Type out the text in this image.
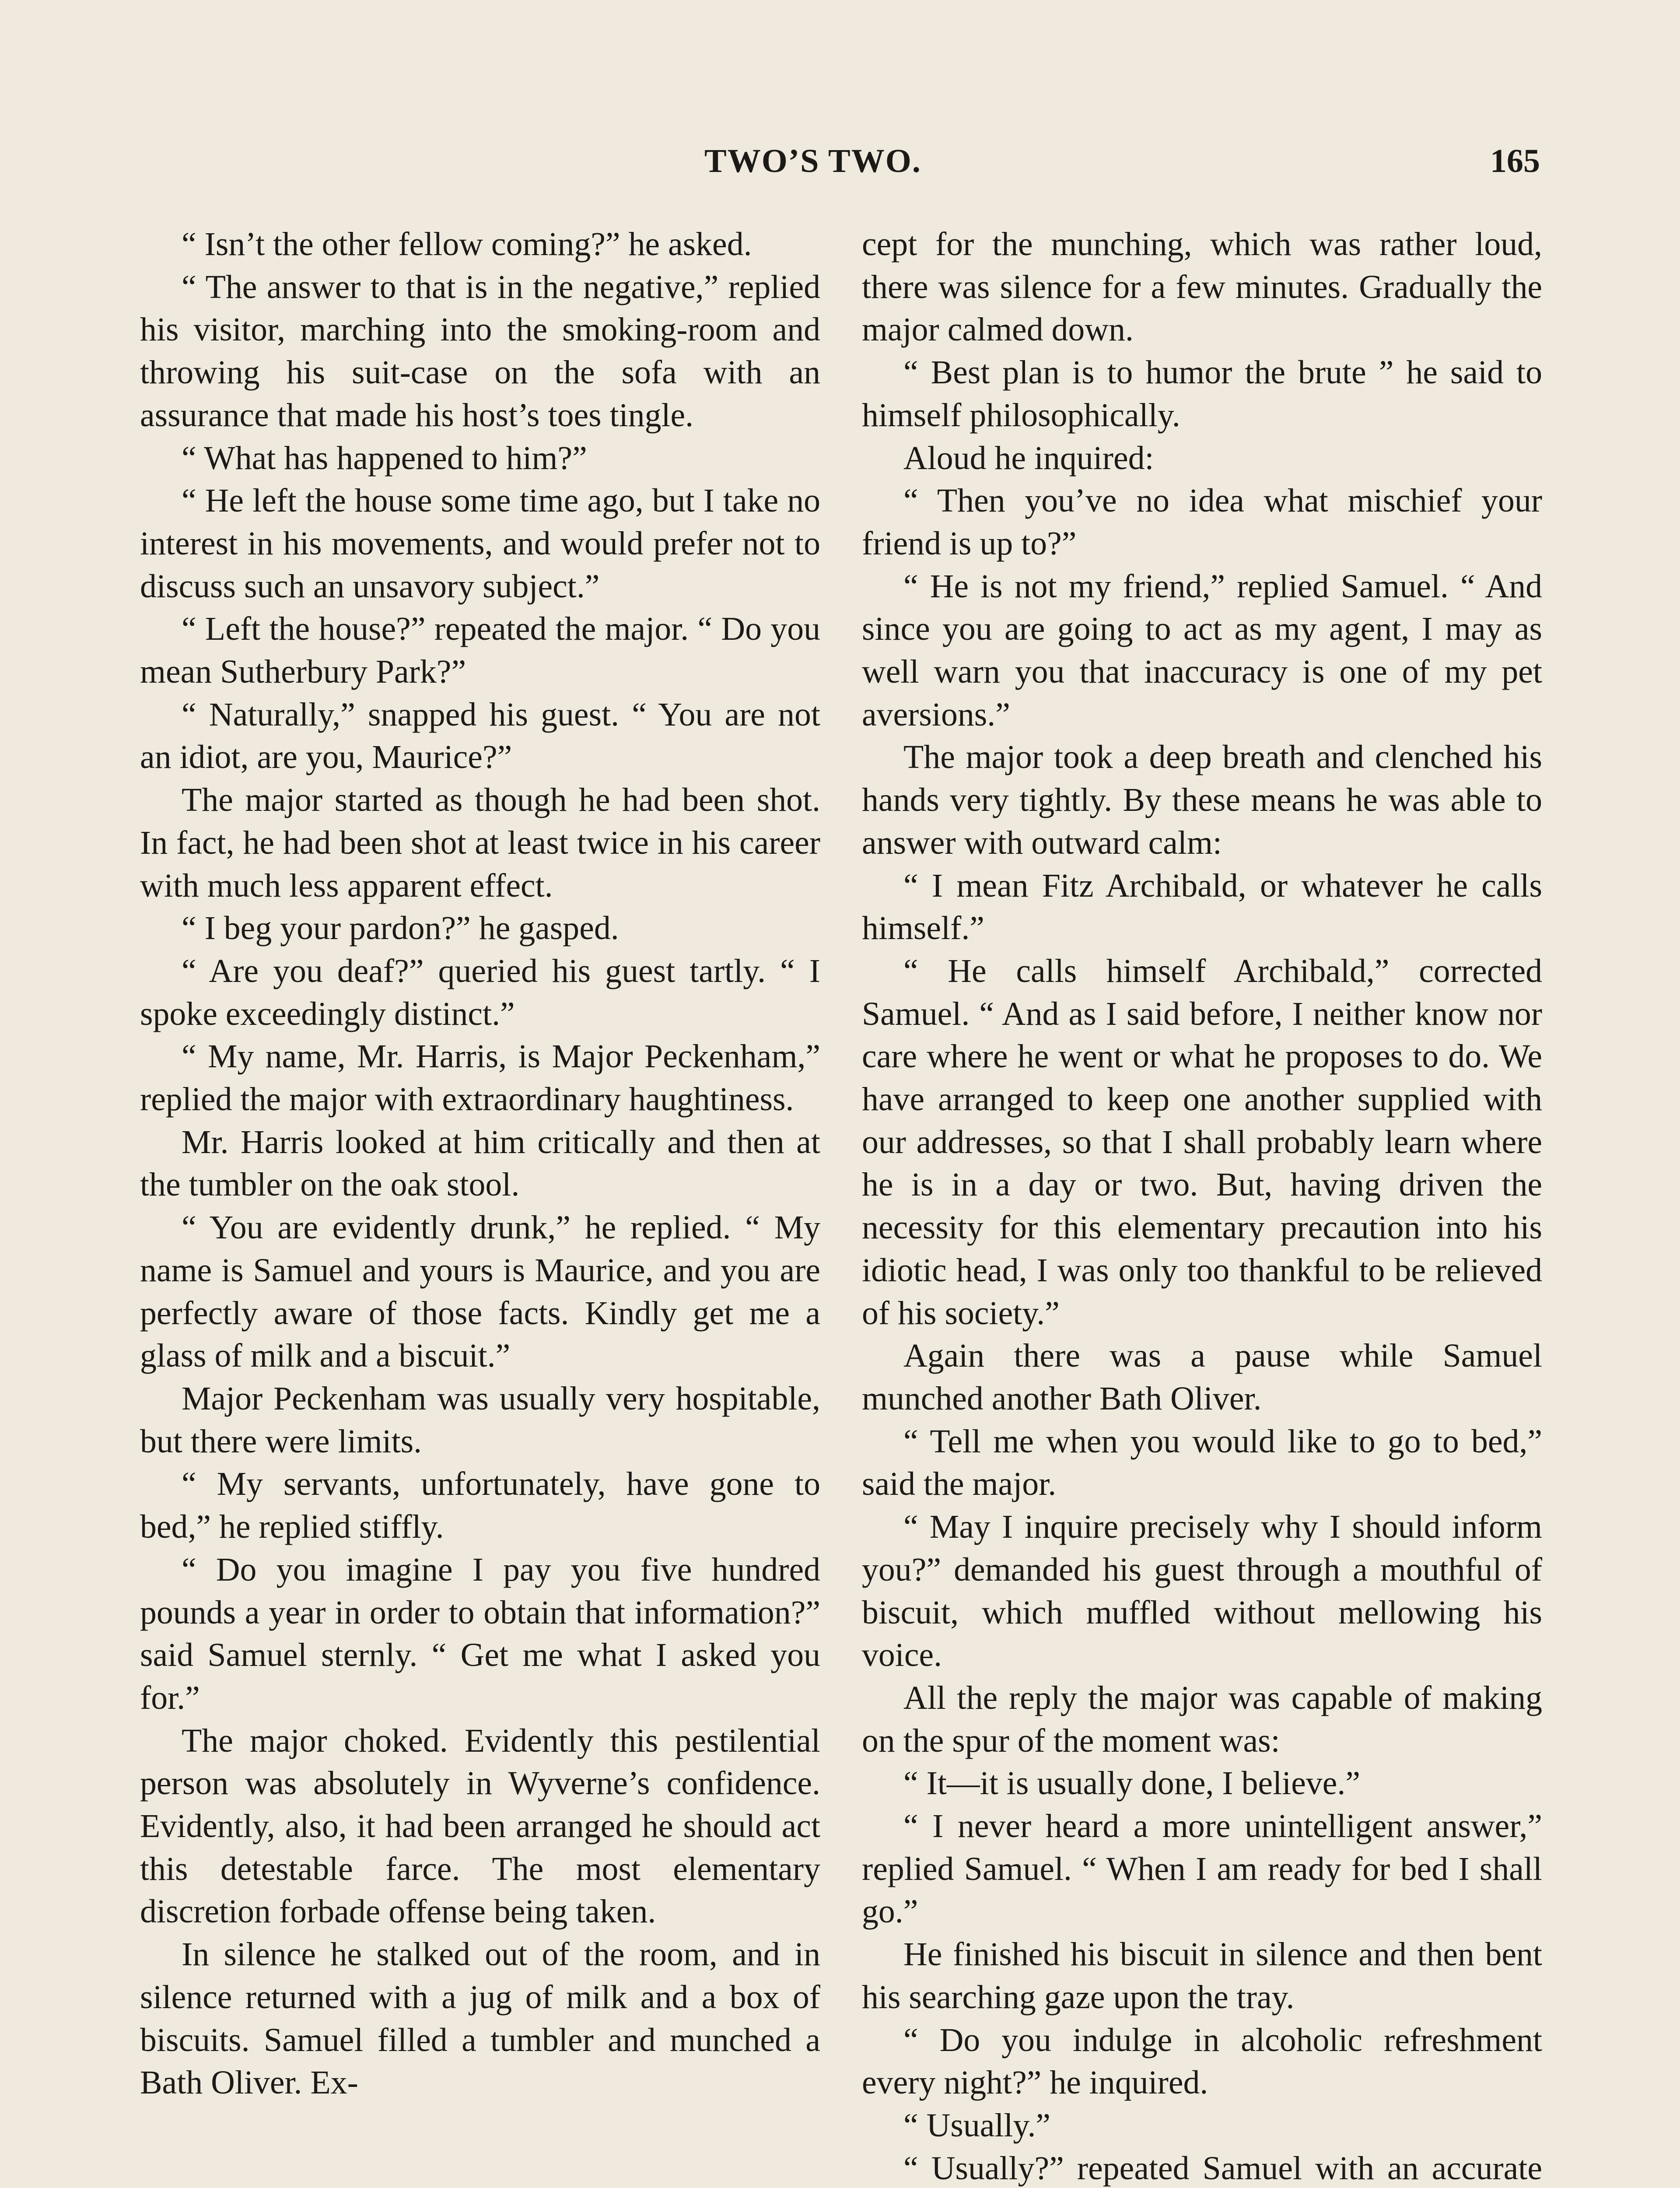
TWO’S TWO.	165

“ Isn’t the other fellow coming?” he asked.

“ The answer to that is in the negative,” replied his visitor, marching into the smoking-room and throwing his suit-case on the sofa with an assurance that made his host’s toes tingle.

“ What has happened to him?”

“ He left the house some time ago, but I take no interest in his movements, and would prefer not to discuss such an unsavory subject.”

“ Left the house?” repeated the major. “ Do you mean Sutherbury Park?”

“ Naturally,” snapped his guest. “ You are not an idiot, are you, Maurice?”

The major started as though he had been shot. In fact, he had been shot at least twice in his career with much less apparent effect.

“ I beg your pardon?” he gasped.

“ Are you deaf?” queried his guest tartly. “ I spoke exceedingly distinct.”

“ My name, Mr. Harris, is Major Peckenham,” replied the major with extraordinary haughtiness.

Mr. Harris looked at him critically and then at the tumbler on the oak stool.

“ You are evidently drunk,” he replied. “ My name is Samuel and yours is Maurice, and you are perfectly aware of those facts. Kindly get me a glass of milk and a biscuit.”

Major Peckenham was usually very hospitable, but there were limits.

“ My servants, unfortunately, have gone to bed,” he replied stiffly.

“ Do you imagine I pay you five hundred pounds a year in order to obtain that information?” said Samuel sternly. “ Get me what I asked you for.”

The major choked. Evidently this pestilential person was absolutely in Wyverne’s confidence. Evidently, also, it had been arranged he should act this detestable farce. The most elementary discretion forbade offense being taken.

In silence he stalked out of the room, and in silence returned with a jug of milk and a box of biscuits. Samuel filled a tumbler and munched a Bath Oliver. Ex-

cept for the munching, which was rather loud, there was silence for a few minutes. Gradually the major calmed down.

“ Best plan is to humor the brute ” he said to himself philosophically.

Aloud he inquired:

“ Then you’ve no idea what mischief your friend is up to?”

“ He is not my friend,” replied Samuel. “ And since you are going to act as my agent, I may as well warn you that inaccuracy is one of my pet aversions.”

The major took a deep breath and clenched his hands very tightly. By these means he was able to answer with outward calm:

“ I mean Fitz Archibald, or whatever he calls himself.”

“ He calls himself Archibald,” corrected Samuel. “ And as I said before, I neither know nor care where he went or what he proposes to do. We have arranged to keep one another supplied with our addresses, so that I shall probably learn where he is in a day or two. But, having driven the necessity for this elementary precaution into his idiotic head, I was only too thankful to be relieved of his society.”

Again there was a pause while Samuel munched another Bath Oliver.

“ Tell me when you would like to go to bed,” said the major.

“ May I inquire precisely why I should inform you?” demanded his guest through a mouthful of biscuit, which muffled without mellowing his voice.

All the reply the major was capable of making on the spur of the moment was:

“ It—it is usually done, I believe.”

“ I never heard a more unintelligent answer,” replied Samuel. “ When I am ready for bed I shall go.”

He finished his biscuit in silence and then bent his searching gaze upon the tray.

“ Do you indulge in alcoholic refreshment every night?” he inquired.

“ Usually.”

“ Usually?” repeated Samuel with an accurate
